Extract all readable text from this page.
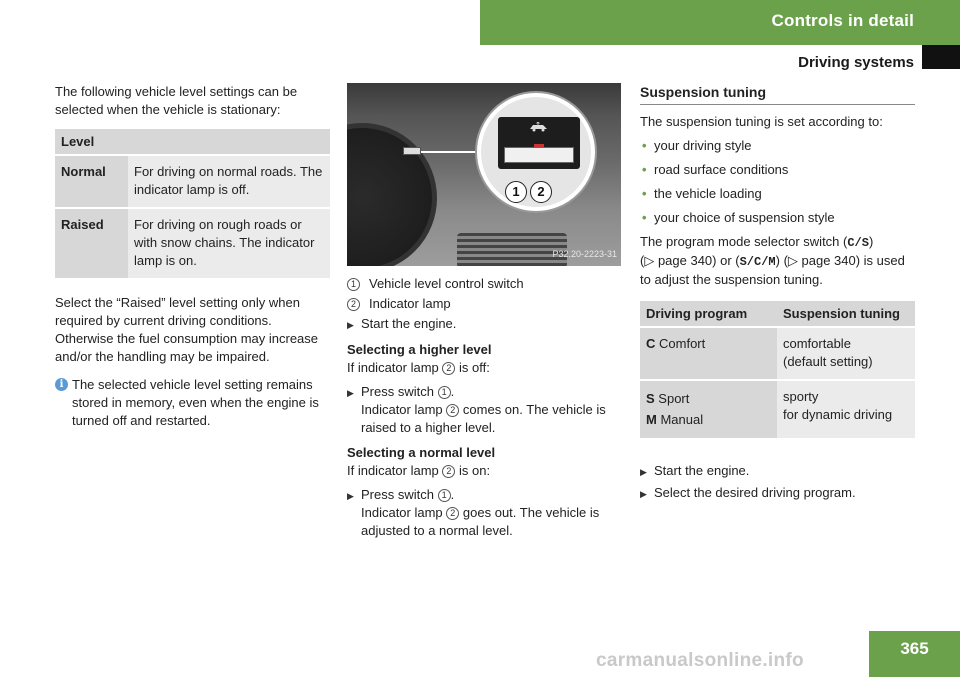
Controls in detail
Driving systems

The following vehicle level settings can be selected when the vehicle is stationary:

Level	
Normal	For driving on normal roads. The indicator lamp is off.
Raised	For driving on rough roads or with snow chains. The indicator lamp is on.

Select the “Raised” level setting only when required by current driving conditions. Otherwise the fuel consumption may increase and/or the handling may be impaired.

i The selected vehicle level setting remains stored in memory, even when the engine is turned off and restarted.
1	2
P32.20-2223-31
1	Vehicle level control switch
2	Indicator lamp
▶ Start the engine.

Selecting a higher level

If indicator lamp 2 is off:

▶ Press switch 1 .
Indicator lamp 2 comes on. The vehicle is raised to a higher level.

Selecting a normal level

If indicator lamp 2 is on:

▶ Press switch 1 .
Indicator lamp 2 goes out. The vehicle is adjusted to a normal level.
Suspension tuning

The suspension tuning is set according to:

• your driving style
• road surface conditions
• the vehicle loading
• your choice of suspension style

The program mode selector switch (C/S)
(▷ page 340) or (S/C/M) (▷ page 340) is used to adjust the suspension tuning.

Driving program	Suspension tuning
C Comfort	comfortable
(default setting)
S Sport
M Manual	sporty
for dynamic driving
▶ Start the engine.
▶ Select the desired driving program.
365
carmanualsonline.info
